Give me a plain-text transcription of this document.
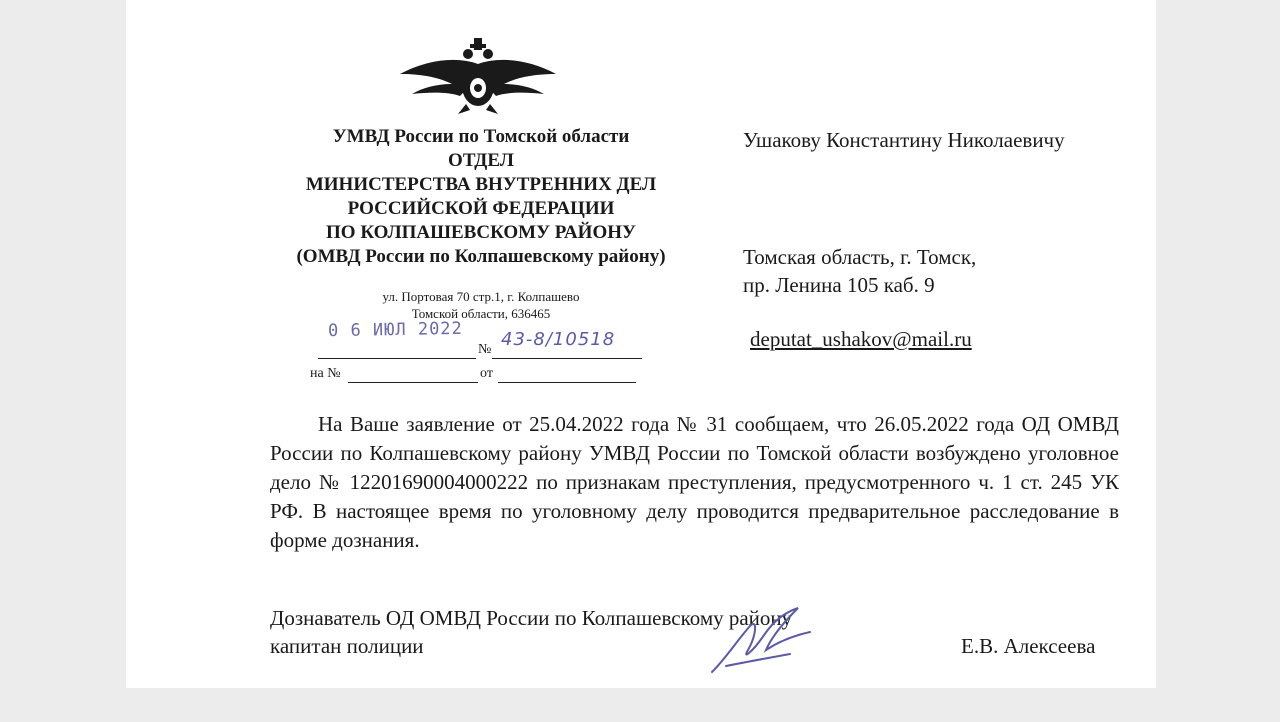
УМВД России по Томской области
ОТДЕЛ
МИНИСТЕРСТВА ВНУТРЕННИХ ДЕЛ
РОССИЙСКОЙ ФЕДЕРАЦИИ
ПО КОЛПАШЕВСКОМУ РАЙОНУ
(ОМВД России по Колпашевскому району)
ул. Портовая 70 стр.1, г. Колпашево
Томской области, 636465
0 6 ИЮЛ 2022
№ 43-8/10518
на №	от
Ушакову Константину Николаевичу
Томская область, г. Томск,
пр. Ленина 105 каб. 9
deputat_ushakov@mail.ru
На Ваше заявление от 25.04.2022 года № 31 сообщаем, что 26.05.2022 года ОД ОМВД России по Колпашевскому району УМВД России по Томской области возбуждено уголовное дело № 12201690004000222 по признакам преступления, предусмотренного ч. 1 ст. 245 УК РФ. В настоящее время по уголовному делу проводится предварительное расследование в форме дознания.
Дознаватель ОД ОМВД России по Колпашевскому району
капитан полиции	Е.В. Алексеева
